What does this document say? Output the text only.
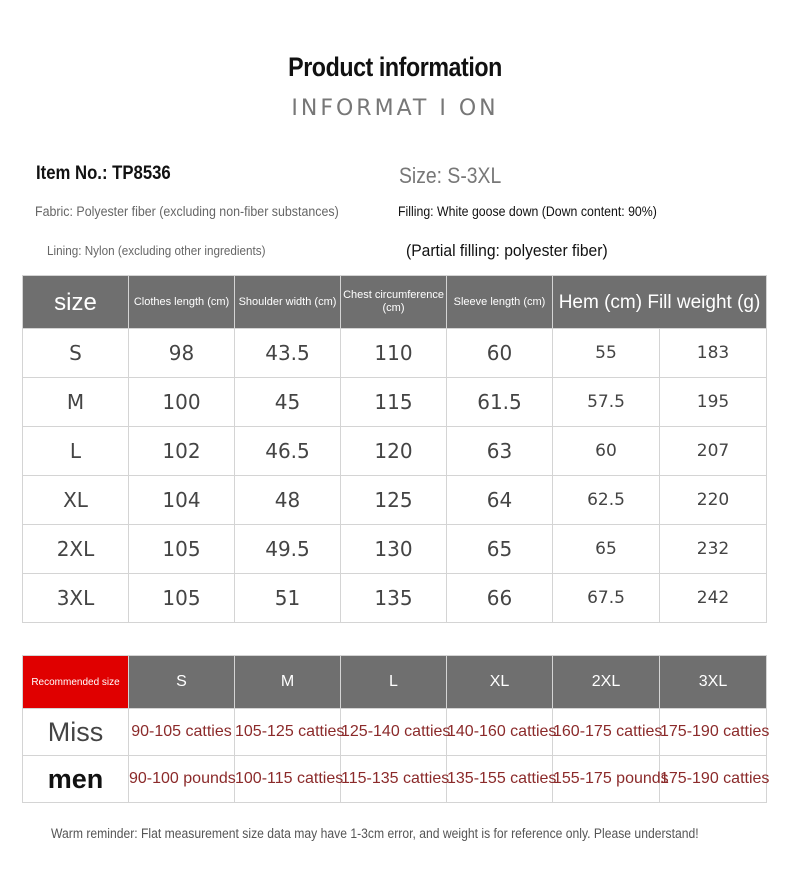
Product information
INFORMAT I ON
Item No.: TP8536	Size: S-3XL
Fabric: Polyester fiber (excluding non-fiber substances)	Filling: White goose down (Down content: 90%)
Lining: Nylon (excluding other ingredients)	(Partial filling: polyester fiber)
size	Clothes length (cm)	Shoulder width (cm)	Chest circumference (cm)	Sleeve length (cm)	Hem (cm) Fill weight (g)	
S	98	43.5	110	60	55	183
M	100	45	115	61.5	57.5	195
L	102	46.5	120	63	60	207
XL	104	48	125	64	62.5	220
2XL	105	49.5	130	65	65	232
3XL	105	51	135	66	67.5	242
Recommended size	S	M	L	XL	2XL	3XL
Miss	90-105 catties	105-125 catties	125-140 catties	140-160 catties	160-175 catties	175-190 catties
men	90-100 pounds	100-115 catties	115-135 catties	135-155 catties	155-175 pounds	175-190 catties
Warm reminder: Flat measurement size data may have 1-3cm error, and weight is for reference only. Please understand!
